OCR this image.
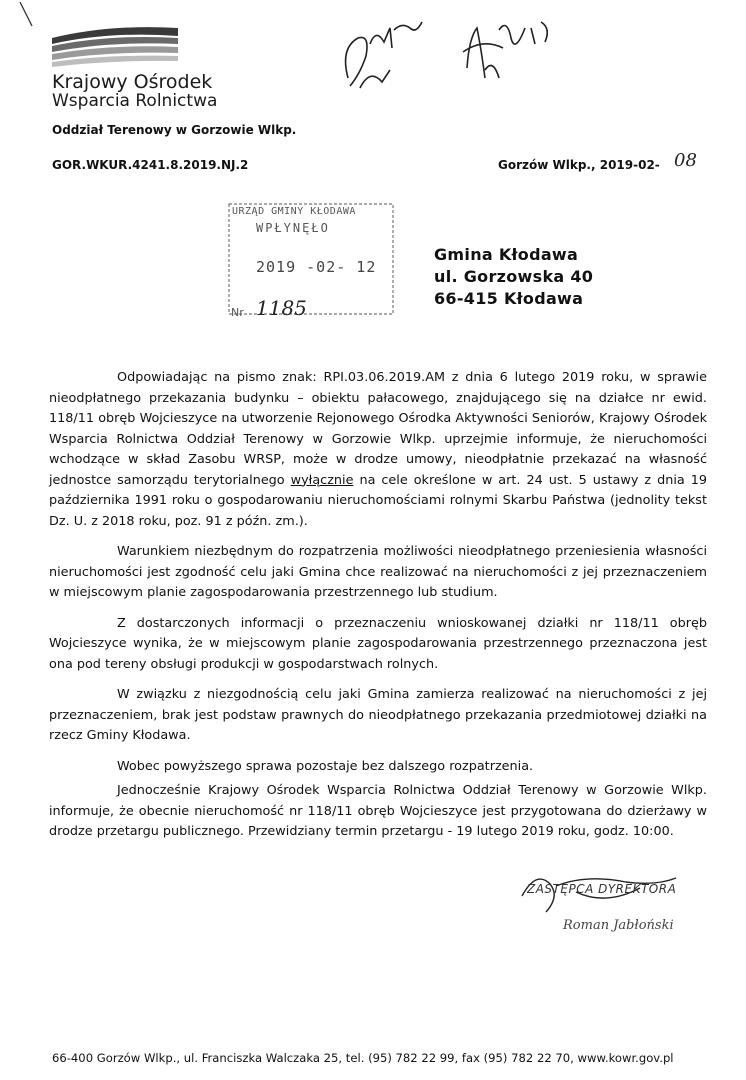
Krajowy Ośrodek
Wsparcia Rolnictwa
Oddział Terenowy w Gorzowie Wlkp.
GOR.WKUR.4241.8.2019.NJ.2	Gorzów Wlkp., 2019-02- 08
URZĄD GMINY KŁODAWA
WPŁYNĘŁO
2019 -02- 12
Nr 1185
Gmina Kłodawa
ul. Gorzowska 40
66-415 Kłodawa

Odpowiadając na pismo znak: RPI.03.06.2019.AM z dnia 6 lutego 2019 roku, w sprawie nieodpłatnego przekazania budynku – obiektu pałacowego, znajdującego się na działce nr ewid. 118/11 obręb Wojcieszyce na utworzenie Rejonowego Ośrodka Aktywności Seniorów, Krajowy Ośrodek Wsparcia Rolnictwa Oddział Terenowy w Gorzowie Wlkp. uprzejmie informuje, że nieruchomości wchodzące w skład Zasobu WRSP, może w drodze umowy, nieodpłatnie przekazać na własność jednostce samorządu terytorialnego wyłącznie na cele określone w art. 24 ust. 5 ustawy z dnia 19 października 1991 roku o gospodarowaniu nieruchomościami rolnymi Skarbu Państwa (jednolity tekst Dz. U. z 2018 roku, poz. 91 z późn. zm.).

Warunkiem niezbędnym do rozpatrzenia możliwości nieodpłatnego przeniesienia własności nieruchomości jest zgodność celu jaki Gmina chce realizować na nieruchomości z jej przeznaczeniem w miejscowym planie zagospodarowania przestrzennego lub studium.

Z dostarczonych informacji o przeznaczeniu wnioskowanej działki nr 118/11 obręb Wojcieszyce wynika, że w miejscowym planie zagospodarowania przestrzennego przeznaczona jest ona pod tereny obsługi produkcji w gospodarstwach rolnych.

W związku z niezgodnością celu jaki Gmina zamierza realizować na nieruchomości z jej przeznaczeniem, brak jest podstaw prawnych do nieodpłatnego przekazania przedmiotowej działki na rzecz Gminy Kłodawa.

Wobec powyższego sprawa pozostaje bez dalszego rozpatrzenia.

Jednocześnie Krajowy Ośrodek Wsparcia Rolnictwa Oddział Terenowy w Gorzowie Wlkp. informuje, że obecnie nieruchomość nr 118/11 obręb Wojcieszyce jest przygotowana do dzierżawy w drodze przetargu publicznego. Przewidziany termin przetargu - 19 lutego 2019 roku, godz. 10:00.

ZASTĘPCA DYREKTORA
Roman Jabłoński
66-400 Gorzów Wlkp., ul. Franciszka Walczaka 25, tel. (95) 782 22 99, fax (95) 782 22 70, www.kowr.gov.pl
